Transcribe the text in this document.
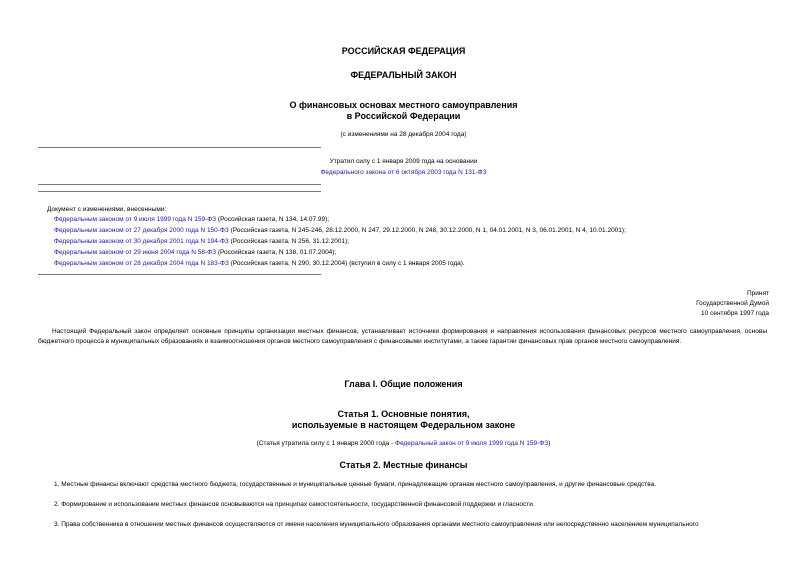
РОССИЙСКАЯ ФЕДЕРАЦИЯ
ФЕДЕРАЛЬНЫЙ ЗАКОН
О финансовых основах местного самоуправления
в Российской Федерации
(с изменениями на 28 декабря 2004 года)
Утратил силу с 1 января 2009 года на основании
Федерального закона от 6 октября 2003 года N 131-ФЗ
Документ с изменениями, внесенными:
Федеральным законом от 9 июля 1999 года N 159-ФЗ (Российская газета, N 134, 14.07.99);
Федеральным законом от 27 декабря 2000 года N 150-ФЗ (Российская газета, N 245-246, 28.12.2000, N 247, 29.12.2000, N 248, 30.12.2000, N 1, 04.01.2001, N 3, 06.01.2001, N 4, 10.01.2001);
Федеральным законом от 30 декабря 2001 года N 194-ФЗ (Российская газета, N 256, 31.12.2001);
Федеральным законом от 29 июня 2004 года N 58-ФЗ (Российская газета, N 138, 01.07.2004);
Федеральным законом от 28 декабря 2004 года N 183-ФЗ (Российская газета, N 290, 30.12.2004) (вступил в силу с 1 января 2005 года).
Принят
Государственной Думой
10 сентября 1997 года
Настоящий Федеральный закон определяет основные принципы организации местных финансов, устанавливает источники формирования и направления использования финансовых ресурсов местного самоуправления, основы бюджетного процесса в муниципальных образованиях и взаимоотношения органов местного самоуправления с финансовыми институтами, а также гарантии финансовых прав органов местного самоуправления.
Глава I. Общие положения
Статья 1. Основные понятия,
используемые в настоящем Федеральном законе
(Статья утратила силу с 1 января 2000 года - Федеральный закон от 9 июля 1999 года N 159-ФЗ)
Статья 2. Местные финансы
1. Местные финансы включают средства местного бюджета, государственные и муниципальные ценные бумаги, принадлежащие органам местного самоуправления, и другие финансовые средства.
2. Формирование и использование местных финансов основываются на принципах самостоятельности, государственной финансовой поддержки и гласности.
3. Права собственника в отношении местных финансов осуществляются от имени населения муниципального образования органами местного самоуправления или непосредственно населением муниципального
